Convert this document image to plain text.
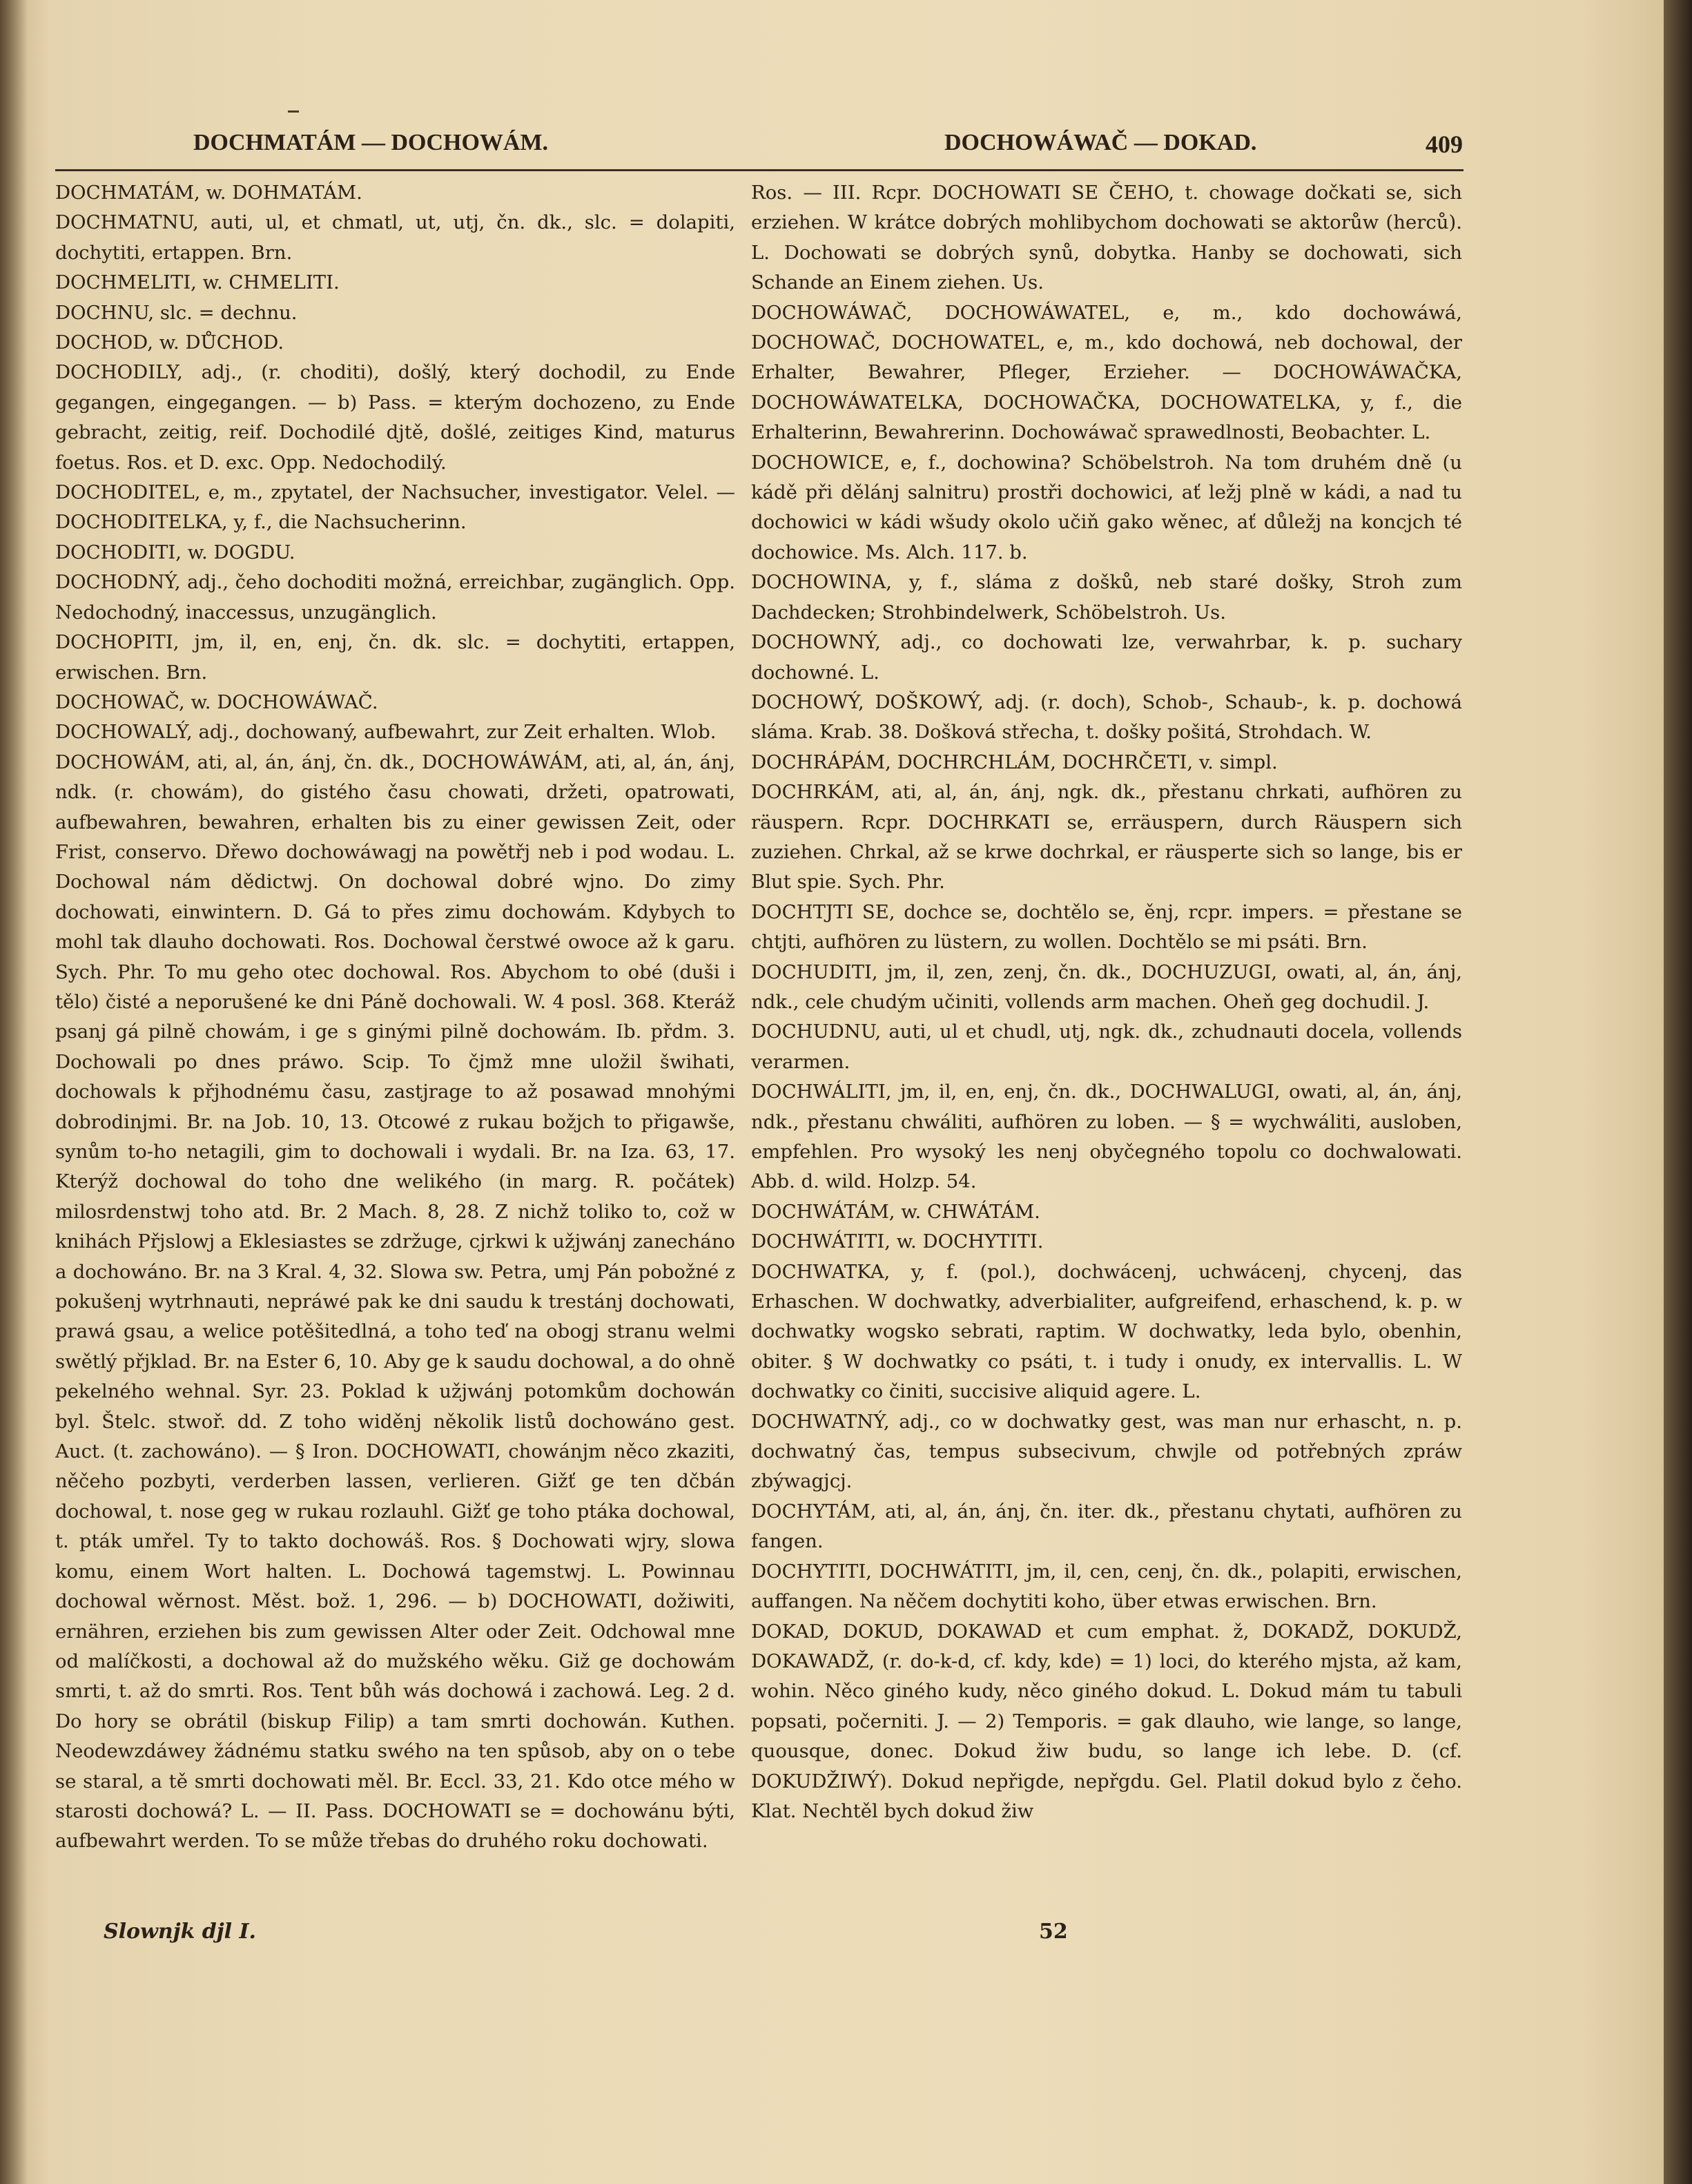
DOCHMATÁM — DOCHOWÁM.	DOCHOWÁWAČ — DOKAD.	409

DOCHMATÁM, w. DOHMATÁM.

DOCHMATNU, auti, ul, et chmatl, ut, utj, čn. dk., slc. = dolapiti, dochytiti, ertappen. Brn.

DOCHMELITI, w. CHMELITI.

DOCHNU, slc. = dechnu.

DOCHOD, w. DŮCHOD.

DOCHODILY, adj., (r. choditi), došlý, který dochodil, zu Ende gegangen, eingegangen. — b) Pass. = kterým dochozeno, zu Ende gebracht, zeitig, reif. Dochodilé djtě, došlé, zeitiges Kind, maturus foetus. Ros. et D. exc. Opp. Nedochodilý.

DOCHODITEL, e, m., zpytatel, der Nachsucher, investigator. Velel. — DOCHODITELKA, y, f., die Nachsucherinn.

DOCHODITI, w. DOGDU.

DOCHODNÝ, adj., čeho dochoditi možná, erreichbar, zugänglich. Opp. Nedochodný, inaccessus, unzugänglich.

DOCHOPITI, jm, il, en, enj, čn. dk. slc. = dochytiti, ertappen, erwischen. Brn.

DOCHOWAČ, w. DOCHOWÁWAČ.

DOCHOWALÝ, adj., dochowaný, aufbewahrt, zur Zeit erhalten. Wlob.

DOCHOWÁM, ati, al, án, ánj, čn. dk., DOCHOWÁWÁM, ati, al, án, ánj, ndk. (r. chowám), do gistého času chowati, držeti, opatrowati, aufbewahren, bewahren, erhalten bis zu einer gewissen Zeit, oder Frist, conservo. Dřewo dochowáwagj na powětřj neb i pod wodau. L. Dochowal nám dědictwj. On dochowal dobré wjno. Do zimy dochowati, einwintern. D. Gá to přes zimu dochowám. Kdybych to mohl tak dlauho dochowati. Ros. Dochowal čerstwé owoce až k garu. Sych. Phr. To mu geho otec dochowal. Ros. Abychom to obé (duši i tělo) čisté a neporušené ke dni Páně dochowali. W. 4 posl. 368. Kteráž psanj gá pilně chowám, i ge s ginými pilně dochowám. Ib. přdm. 3. Dochowali po dnes práwo. Scip. To čjmž mne uložil šwihati, dochowals k přjhodnému času, zastjrage to až posawad mnohými dobrodinjmi. Br. na Job. 10, 13. Otcowé z rukau božjch to přigawše, synům to-ho netagili, gim to dochowali i wydali. Br. na Iza. 63, 17. Kterýž dochowal do toho dne welikého (in marg. R. počátek) milosrdenstwj toho atd. Br. 2 Mach. 8, 28. Z nichž toliko to, což w knihách Přjslowj a Eklesiastes se zdržuge, cjrkwi k užjwánj zanecháno a dochowáno. Br. na 3 Kral. 4, 32. Slowa sw. Petra, umj Pán pobožné z pokušenj wytrhnauti, nepráwé pak ke dni saudu k trestánj dochowati, prawá gsau, a welice potěšitedlná, a toho teď na obogj stranu welmi swětlý přjklad. Br. na Ester 6, 10. Aby ge k saudu dochowal, a do ohně pekelného wehnal. Syr. 23. Poklad k užjwánj potomkům dochowán byl. Štelc. stwoř. dd. Z toho widěnj několik listů dochowáno gest. Auct. (t. zachowáno). — § Iron. DOCHOWATI, chowánjm něco zkaziti, něčeho pozbyti, verderben lassen, verlieren. Gižť ge ten dčbán dochowal, t. nose geg w rukau rozlauhl. Gižť ge toho ptáka dochowal, t. pták umřel. Ty to takto dochowáš. Ros. § Dochowati wjry, slowa komu, einem Wort halten. L. Dochowá tagemstwj. L. Powinnau dochowal wěrnost. Měst. bož. 1, 296. — b) DOCHOWATI, dožiwiti, ernähren, erziehen bis zum gewissen Alter oder Zeit. Odchowal mne od malíčkosti, a dochowal až do mužského wěku. Giž ge dochowám smrti, t. až do smrti. Ros. Tent bůh wás dochowá i zachowá. Leg. 2 d. Do hory se obrátil (biskup Filip) a tam smrti dochowán. Kuthen. Neodewzdáwey žádnému statku swého na ten spůsob, aby on o tebe se staral, a tě smrti dochowati měl. Br. Eccl. 33, 21. Kdo otce mého w starosti dochowá? L. — II. Pass. DOCHOWATI se = dochowánu býti, aufbewahrt werden. To se může třebas do druhého roku dochowati.

Ros. — III. Rcpr. DOCHOWATI SE ČEHO, t. chowage dočkati se, sich erziehen. W krátce dobrých mohlibychom dochowati se aktorůw (herců). L. Dochowati se dobrých synů, dobytka. Hanby se dochowati, sich Schande an Einem ziehen. Us.

DOCHOWÁWAČ, DOCHOWÁWATEL, e, m., kdo dochowáwá, DOCHOWAČ, DOCHOWATEL, e, m., kdo dochowá, neb dochowal, der Erhalter, Bewahrer, Pfleger, Erzieher. — DOCHOWÁWAČKA, DOCHOWÁWATELKA, DOCHOWAČKA, DOCHOWATELKA, y, f., die Erhalterinn, Bewahrerinn. Dochowáwač sprawedlnosti, Beobachter. L.

DOCHOWICE, e, f., dochowina? Schöbelstroh. Na tom druhém dně (u kádě při dělánj salnitru) prostři dochowici, ať ležj plně w kádi, a nad tu dochowici w kádi wšudy okolo učiň gako wěnec, ať důležj na koncjch té dochowice. Ms. Alch. 117. b.

DOCHOWINA, y, f., sláma z došků, neb staré došky, Stroh zum Dachdecken; Strohbindelwerk, Schöbelstroh. Us.

DOCHOWNÝ, adj., co dochowati lze, verwahrbar, k. p. suchary dochowné. L.

DOCHOWÝ, DOŠKOWÝ, adj. (r. doch), Schob-, Schaub-, k. p. dochowá sláma. Krab. 38. Došková střecha, t. došky pošitá, Strohdach. W.

DOCHRÁPÁM, DOCHRCHLÁM, DOCHRČETI, v. simpl.

DOCHRKÁM, ati, al, án, ánj, ngk. dk., přestanu chrkati, aufhören zu räuspern. Rcpr. DOCHRKATI se, erräuspern, durch Räuspern sich zuziehen. Chrkal, až se krwe dochrkal, er räusperte sich so lange, bis er Blut spie. Sych. Phr.

DOCHTJTI SE, dochce se, dochtělo se, ěnj, rcpr. impers. = přestane se chtjti, aufhören zu lüstern, zu wollen. Dochtělo se mi psáti. Brn.

DOCHUDITI, jm, il, zen, zenj, čn. dk., DOCHUZUGI, owati, al, án, ánj, ndk., cele chudým učiniti, vollends arm machen. Oheň geg dochudil. J.

DOCHUDNU, auti, ul et chudl, utj, ngk. dk., zchudnauti docela, vollends verarmen.

DOCHWÁLITI, jm, il, en, enj, čn. dk., DOCHWALUGI, owati, al, án, ánj, ndk., přestanu chwáliti, aufhören zu loben. — § = wychwáliti, ausloben, empfehlen. Pro wysoký les nenj obyčegného topolu co dochwalowati. Abb. d. wild. Holzp. 54.

DOCHWÁTÁM, w. CHWÁTÁM.

DOCHWÁTITI, w. DOCHYTITI.

DOCHWATKA, y, f. (pol.), dochwácenj, uchwácenj, chycenj, das Erhaschen. W dochwatky, adverbialiter, aufgreifend, erhaschend, k. p. w dochwatky wogsko sebrati, raptim. W dochwatky, leda bylo, obenhin, obiter. § W dochwatky co psáti, t. i tudy i onudy, ex intervallis. L. W dochwatky co činiti, succisive aliquid agere. L.

DOCHWATNÝ, adj., co w dochwatky gest, was man nur erhascht, n. p. dochwatný čas, tempus subsecivum, chwjle od potřebných zpráw zbýwagjcj.

DOCHYTÁM, ati, al, án, ánj, čn. iter. dk., přestanu chytati, aufhören zu fangen.

DOCHYTITI, DOCHWÁTITI, jm, il, cen, cenj, čn. dk., polapiti, erwischen, auffangen. Na něčem dochytiti koho, über etwas erwischen. Brn.

DOKAD, DOKUD, DOKAWAD et cum emphat. ž, DOKADŽ, DOKUDŽ, DOKAWADŽ, (r. do-k-d, cf. kdy, kde) = 1) loci, do kterého mjsta, až kam, wohin. Něco giného kudy, něco giného dokud. L. Dokud mám tu tabuli popsati, počerniti. J. — 2) Temporis. = gak dlauho, wie lange, so lange, quousque, donec. Dokud žiw budu, so lange ich lebe. D. (cf. DOKUDŽIWÝ). Dokud nepřigde, nepřgdu. Gel. Platil dokud bylo z čeho. Klat. Nechtěl bych dokud žiw

Slownjk djl I.	52
